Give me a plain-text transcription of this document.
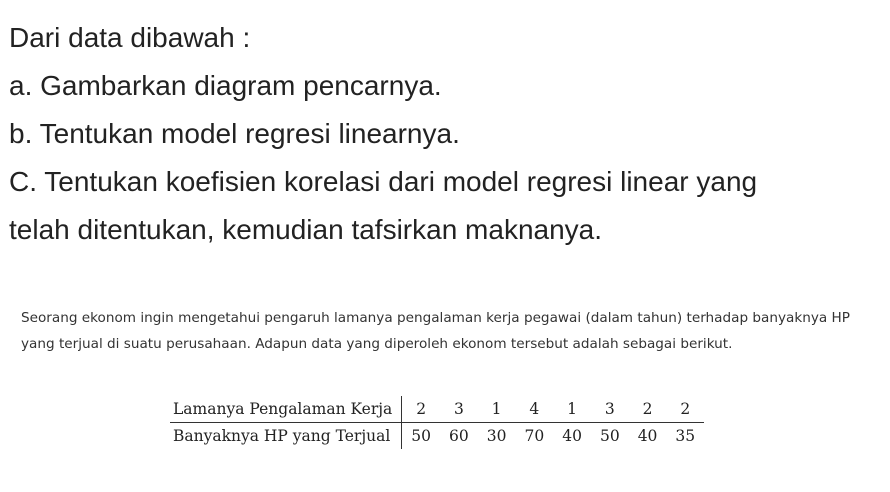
Dari data dibawah :
a. Gambarkan diagram pencarnya.
b. Tentukan model regresi linearnya.
C. Tentukan koefisien korelasi dari model regresi linear yang
telah ditentukan, kemudian tafsirkan maknanya.
Seorang ekonom ingin mengetahui pengaruh lamanya pengalaman kerja pegawai (dalam tahun) terhadap banyaknya HP yang terjual di suatu perusahaan. Adapun data yang diperoleh ekonom tersebut adalah sebagai berikut.
Lamanya Pengalaman Kerja	2	3	1	4	1	3	2	2
Banyaknya HP yang Terjual	50	60	30	70	40	50	40	35
